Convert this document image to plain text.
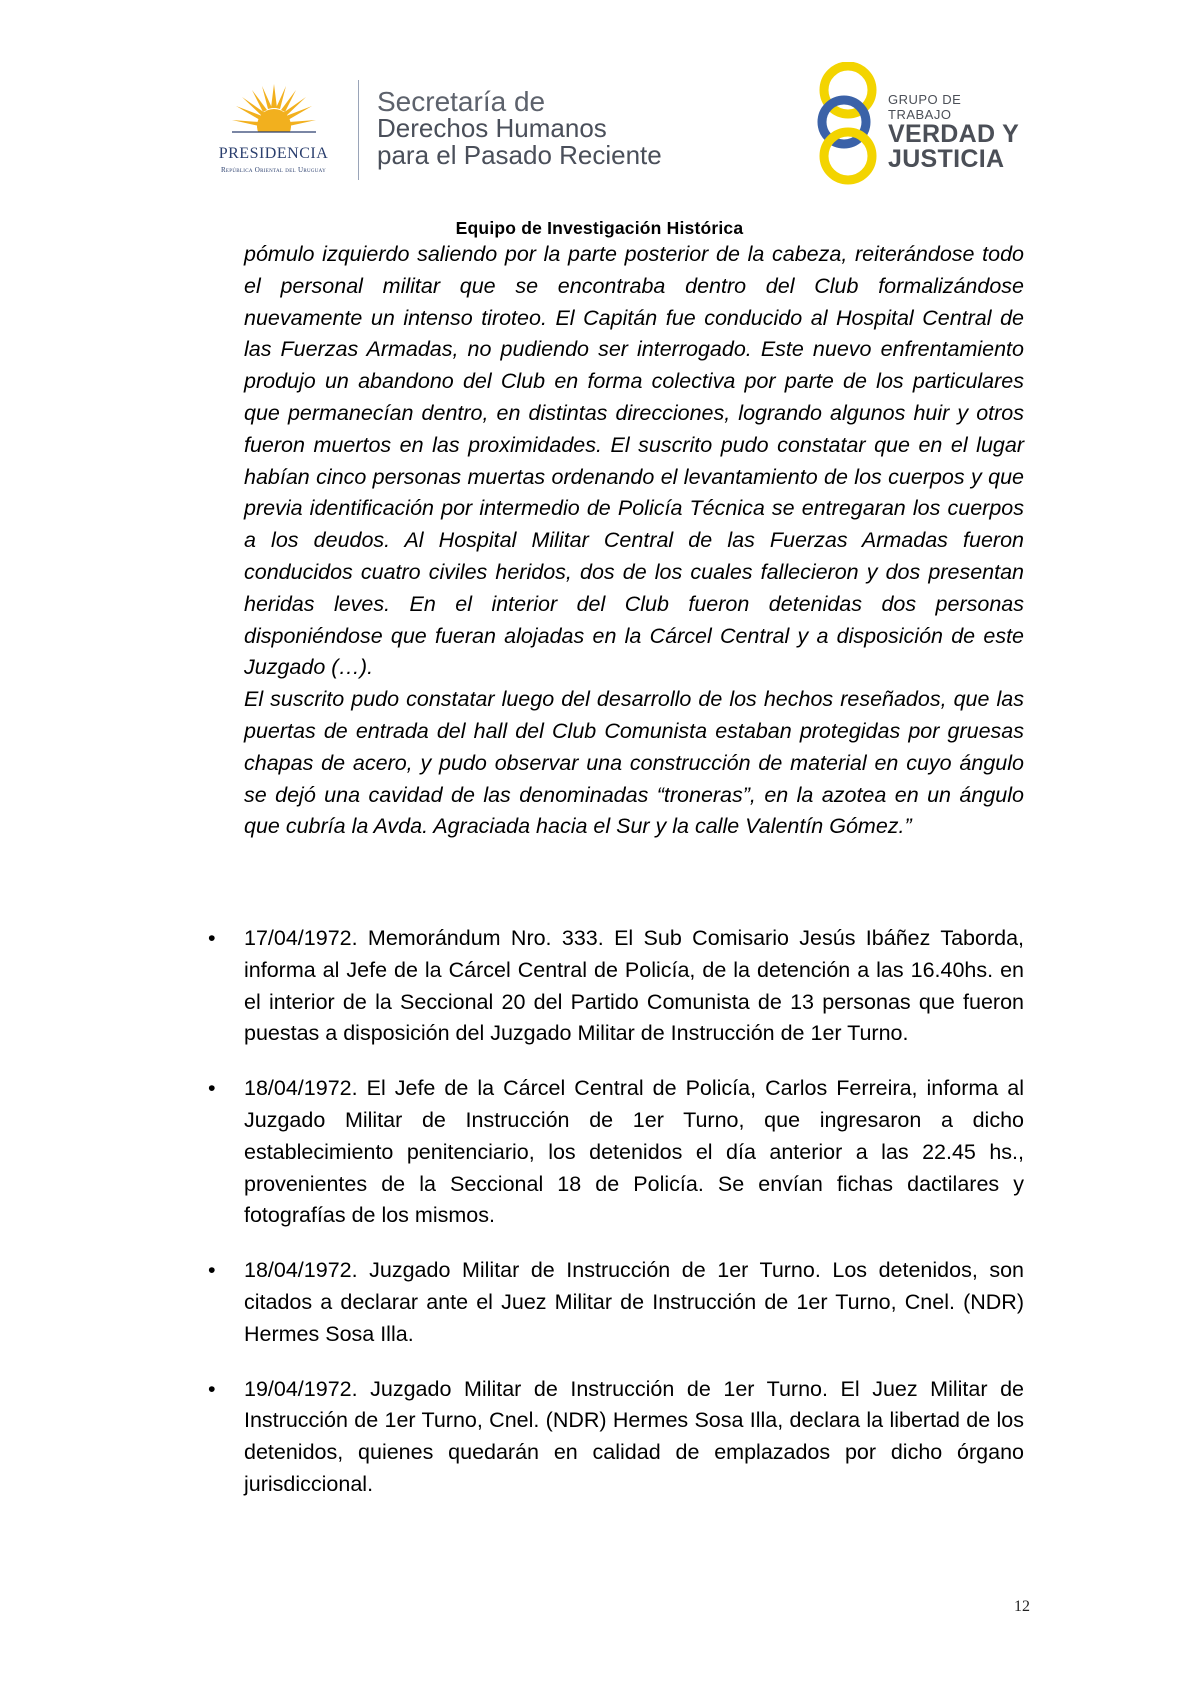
PRESIDENCIA
República Oriental del Uruguay
Secretaría de
Derechos Humanos
para el Pasado Reciente
GRUPO DE TRABAJO
VERDAD Y
JUSTICIA
Equipo de Investigación Histórica

pómulo izquierdo saliendo por la parte posterior de la cabeza, reiterándose todo el personal militar que se encontraba dentro del Club formalizándose nuevamente un intenso tiroteo. El Capitán fue conducido al Hospital Central de las Fuerzas Armadas, no pudiendo ser interrogado. Este nuevo enfrentamiento produjo un abandono del Club en forma colectiva por parte de los particulares que permanecían dentro, en distintas direcciones, logrando algunos huir y otros fueron muertos en las proximidades. El suscrito pudo constatar que en el lugar habían cinco personas muertas ordenando el levantamiento de los cuerpos y que previa identificación por intermedio de Policía Técnica se entregaran los cuerpos a los deudos. Al Hospital Militar Central de las Fuerzas Armadas fueron conducidos cuatro civiles heridos, dos de los cuales fallecieron y dos presentan heridas leves. En el interior del Club fueron detenidas dos personas disponiéndose que fueran alojadas en la Cárcel Central y a disposición de este Juzgado (…).

El suscrito pudo constatar luego del desarrollo de los hechos reseñados, que las puertas de entrada del hall del Club Comunista estaban protegidas por gruesas chapas de acero, y pudo observar una construcción de material en cuyo ángulo se dejó una cavidad de las denominadas “troneras”, en la azotea en un ángulo que cubría la Avda. Agraciada hacia el Sur y la calle Valentín Gómez.”

• 17/04/1972. Memorándum Nro. 333. El Sub Comisario Jesús Ibáñez Taborda, informa al Jefe de la Cárcel Central de Policía, de la detención a las 16.40hs. en el interior de la Seccional 20 del Partido Comunista de 13 personas que fueron puestas a disposición del Juzgado Militar de Instrucción de 1er Turno.
• 18/04/1972. El Jefe de la Cárcel Central de Policía, Carlos Ferreira, informa al Juzgado Militar de Instrucción de 1er Turno, que ingresaron a dicho establecimiento penitenciario, los detenidos el día anterior a las 22.45 hs., provenientes de la Seccional 18 de Policía. Se envían fichas dactilares y fotografías de los mismos.
• 18/04/1972. Juzgado Militar de Instrucción de 1er Turno. Los detenidos, son citados a declarar ante el Juez Militar de Instrucción de 1er Turno, Cnel. (NDR) Hermes Sosa Illa.
• 19/04/1972. Juzgado Militar de Instrucción de 1er Turno. El Juez Militar de Instrucción de 1er Turno, Cnel. (NDR) Hermes Sosa Illa, declara la libertad de los detenidos, quienes quedarán en calidad de emplazados por dicho órgano jurisdiccional.
12
